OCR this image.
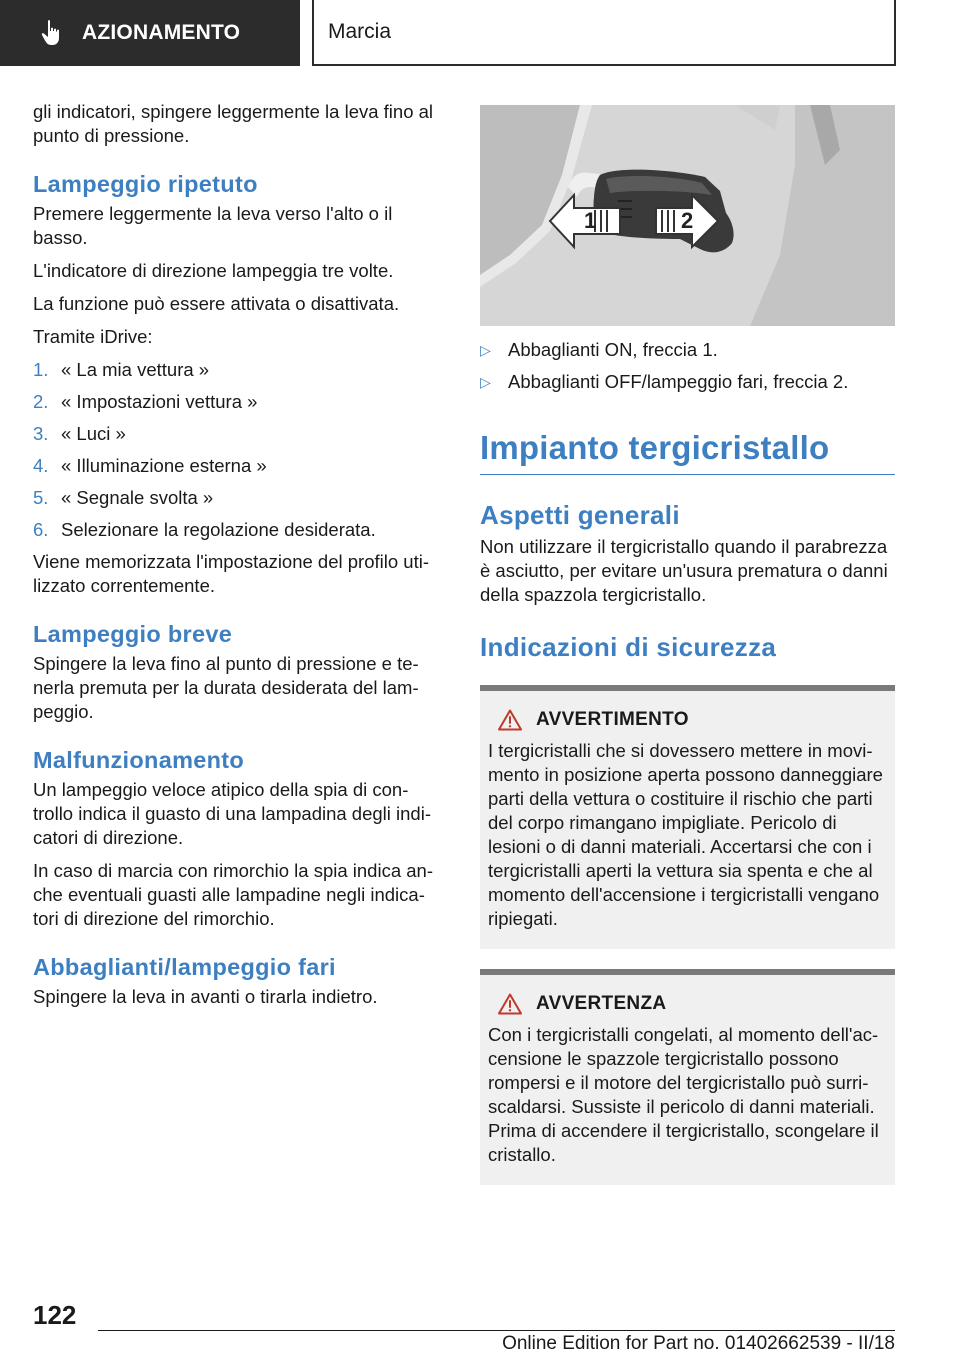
AZIONAMENTO	Marcia

gli indicatori, spingere leggermente la leva fino al punto di pressione.

Lampeggio ripetuto

Premere leggermente la leva verso l'alto o il basso.

L'indicatore di direzione lampeggia tre volte.

La funzione può essere attivata o disattivata.

Tramite iDrive:

1. « La mia vettura »
2. « Impostazioni vettura »
3. « Luci »
4. « Illuminazione esterna »
5. « Segnale svolta »
6. Selezionare la regolazione desiderata.

Viene memorizzata l'impostazione del profilo utilizzato correntemente.

Lampeggio breve

Spingere la leva fino al punto di pressione e tenerla premuta per la durata desiderata del lampeggio.

Malfunzionamento

Un lampeggio veloce atipico della spia di controllo indica il guasto di una lampadina degli indicatori di direzione.

In caso di marcia con rimorchio la spia indica anche eventuali guasti alle lampadine negli indicatori di direzione del rimorchio.

Abbaglianti/lampeggio fari

Spingere la leva in avanti o tirarla indietro.

1	2
▷ Abbaglianti ON, freccia 1.
▷ Abbaglianti OFF/lampeggio fari, freccia 2.
Impianto tergicristallo
Aspetti generali

Non utilizzare il tergicristallo quando il parabrezza è asciutto, per evitare un'usura prematura o danni della spazzola tergicristallo.

Indicazioni di sicurezza
AVVERTIMENTO

I tergicristalli che si dovessero mettere in movimento in posizione aperta possono danneggiare parti della vettura o costituire il rischio che parti del corpo rimangano impigliate. Pericolo di lesioni o di danni materiali. Accertarsi che con i tergicristalli aperti la vettura sia spenta e che al momento dell'accensione i tergicristalli vengano ripiegati.

AVVERTENZA

Con i tergicristalli congelati, al momento dell'accensione le spazzole tergicristallo possono rompersi e il motore del tergicristallo può surriscaldarsi. Sussiste il pericolo di danni materiali. Prima di accendere il tergicristallo, scongelare il cristallo.

122
Online Edition for Part no. 01402662539 - II/18
